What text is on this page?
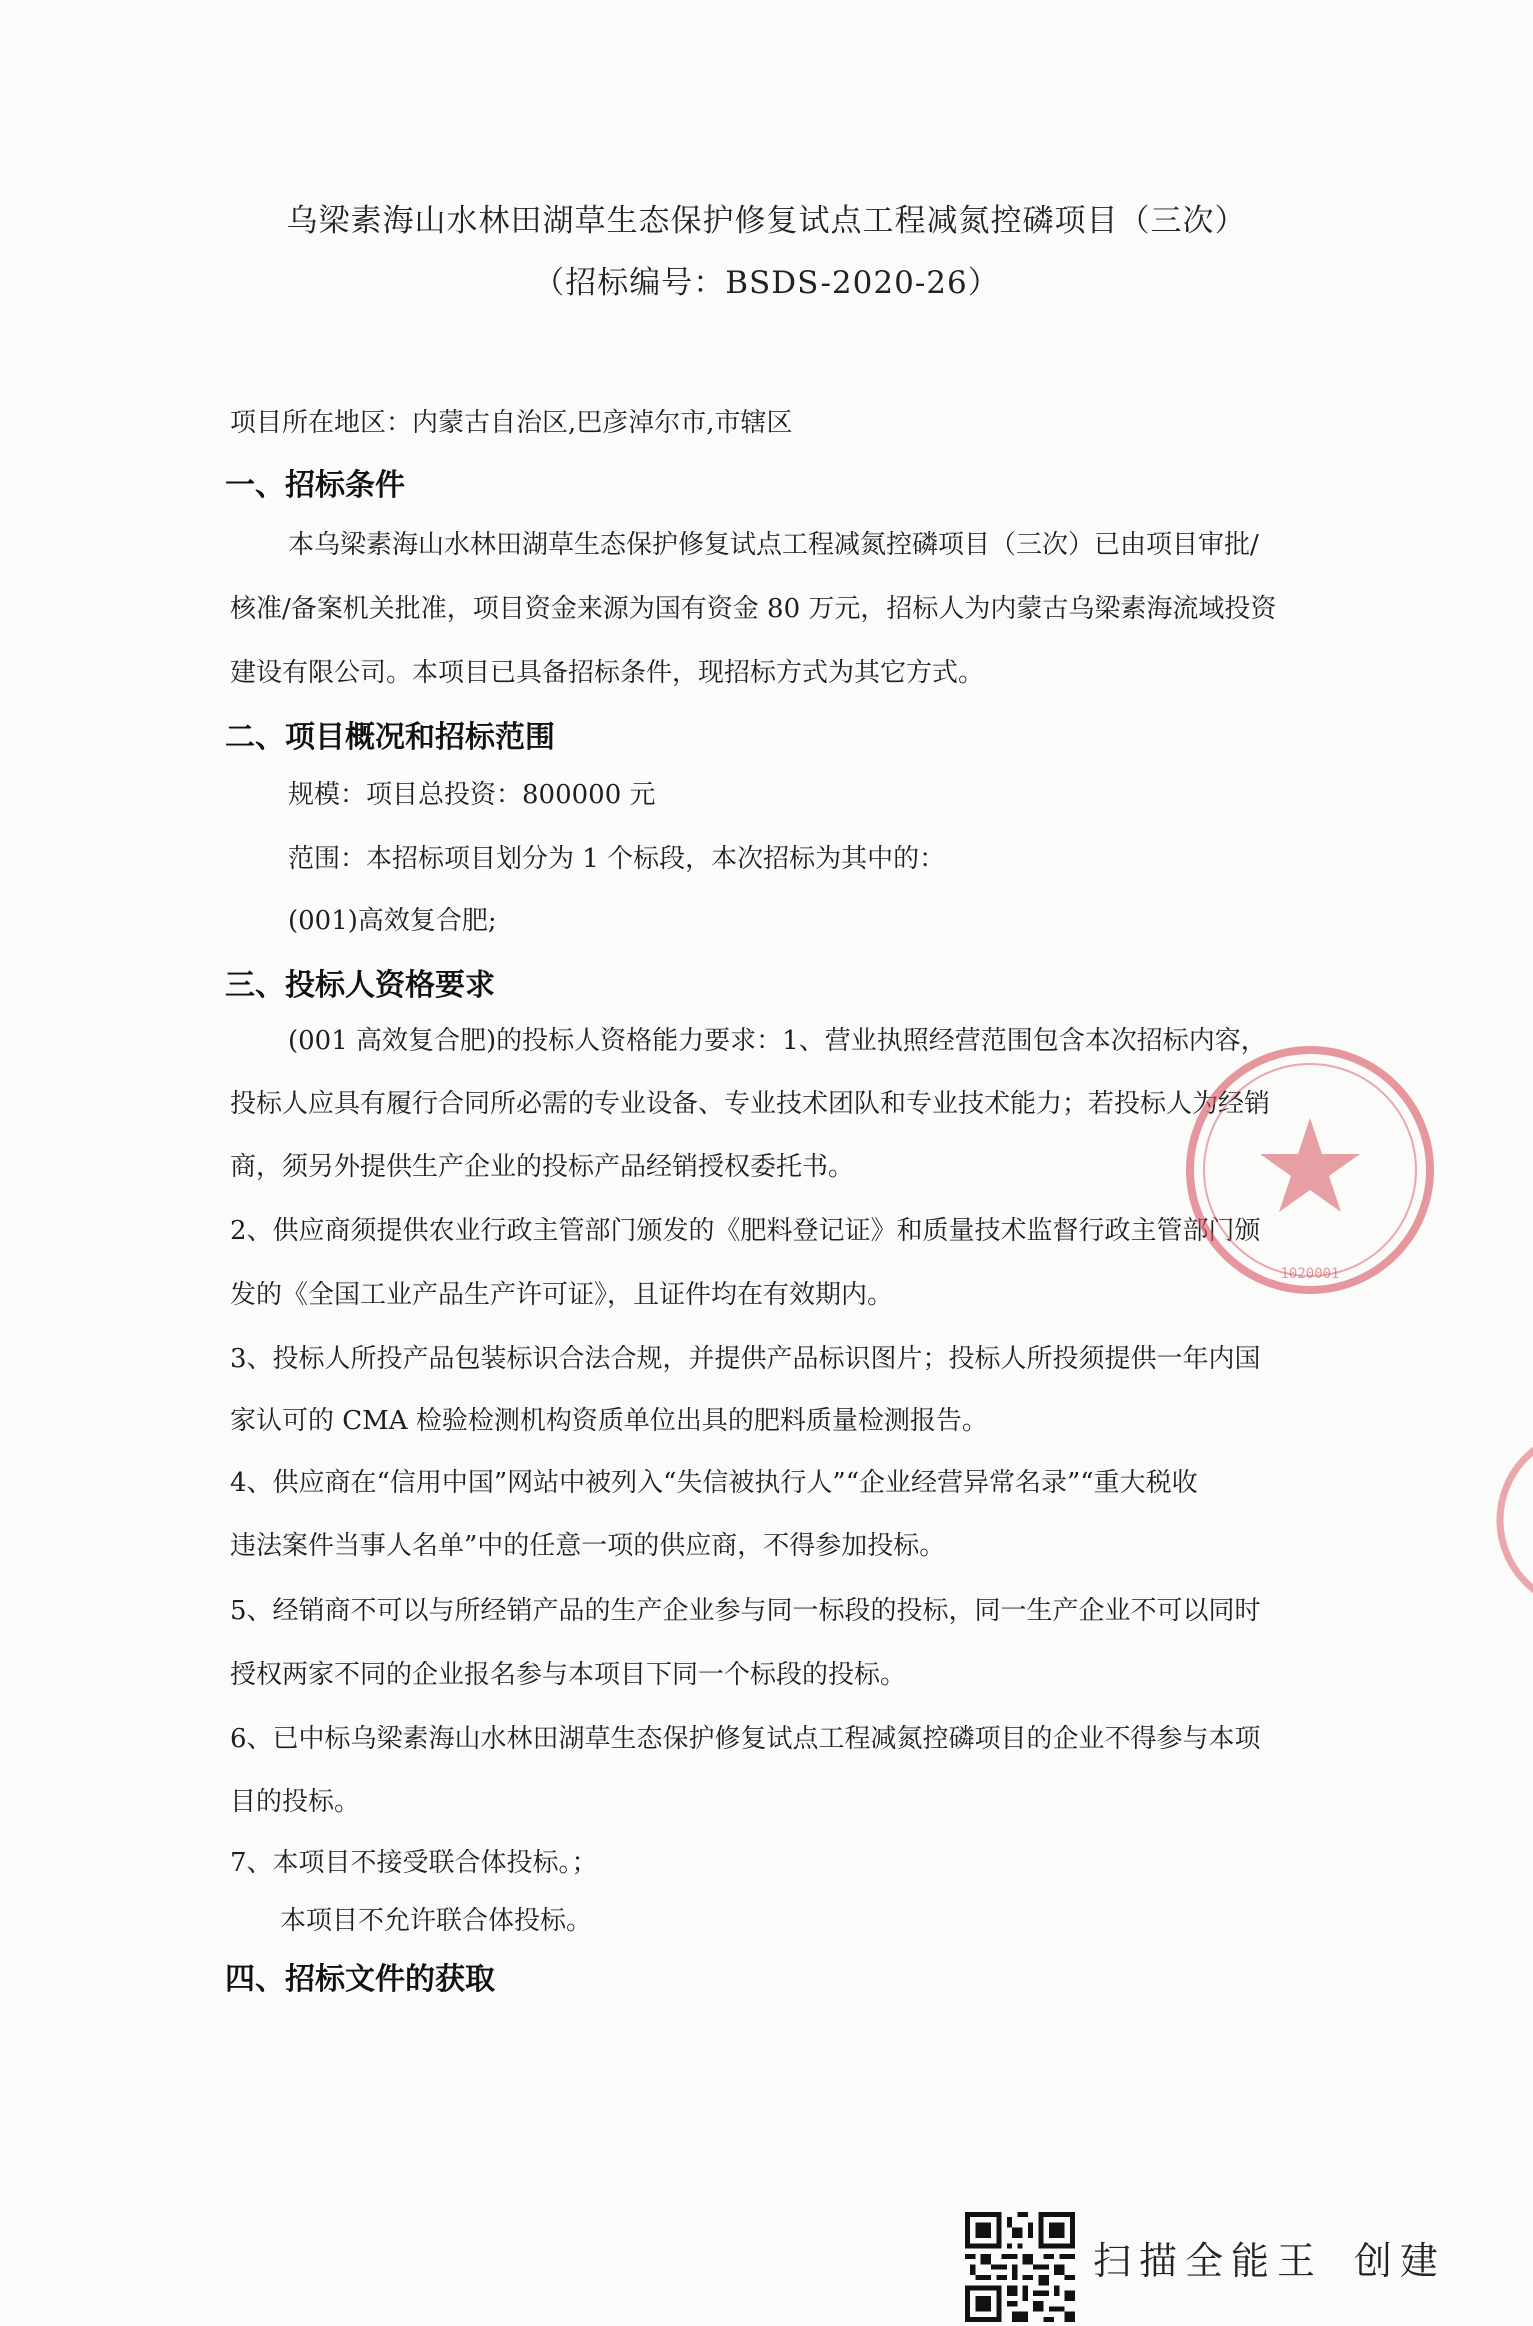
乌梁素海山水林田湖草生态保护修复试点工程减氮控磷项目（三次）
（招标编号：BSDS-2020-26）
项目所在地区：内蒙古自治区,巴彦淖尔市,市辖区
一、招标条件
本乌梁素海山水林田湖草生态保护修复试点工程减氮控磷项目（三次）已由项目审批/
核准/备案机关批准，项目资金来源为国有资金 80 万元，招标人为内蒙古乌梁素海流域投资
建设有限公司。本项目已具备招标条件，现招标方式为其它方式。
二、项目概况和招标范围
规模：项目总投资：800000 元
范围：本招标项目划分为 1 个标段，本次招标为其中的：
(001)高效复合肥;
三、投标人资格要求
(001 高效复合肥)的投标人资格能力要求：1、营业执照经营范围包含本次招标内容，
投标人应具有履行合同所必需的专业设备、专业技术团队和专业技术能力；若投标人为经销
商，须另外提供生产企业的投标产品经销授权委托书。
2、供应商须提供农业行政主管部门颁发的《肥料登记证》和质量技术监督行政主管部门颁
发的《全国工业产品生产许可证》，且证件均在有效期内。
3、投标人所投产品包装标识合法合规，并提供产品标识图片；投标人所投须提供一年内国
家认可的 CMA 检验检测机构资质单位出具的肥料质量检测报告。
4、供应商在“信用中国”网站中被列入“失信被执行人”“企业经营异常名录”“重大税收
违法案件当事人名单”中的任意一项的供应商，不得参加投标。
5、经销商不可以与所经销产品的生产企业参与同一标段的投标，同一生产企业不可以同时
授权两家不同的企业报名参与本项目下同一个标段的投标。
6、已中标乌梁素海山水林田湖草生态保护修复试点工程减氮控磷项目的企业不得参与本项
目的投标。
7、本项目不接受联合体投标。；
本项目不允许联合体投标。
四、招标文件的获取
1020001
扫描全能王 创建
